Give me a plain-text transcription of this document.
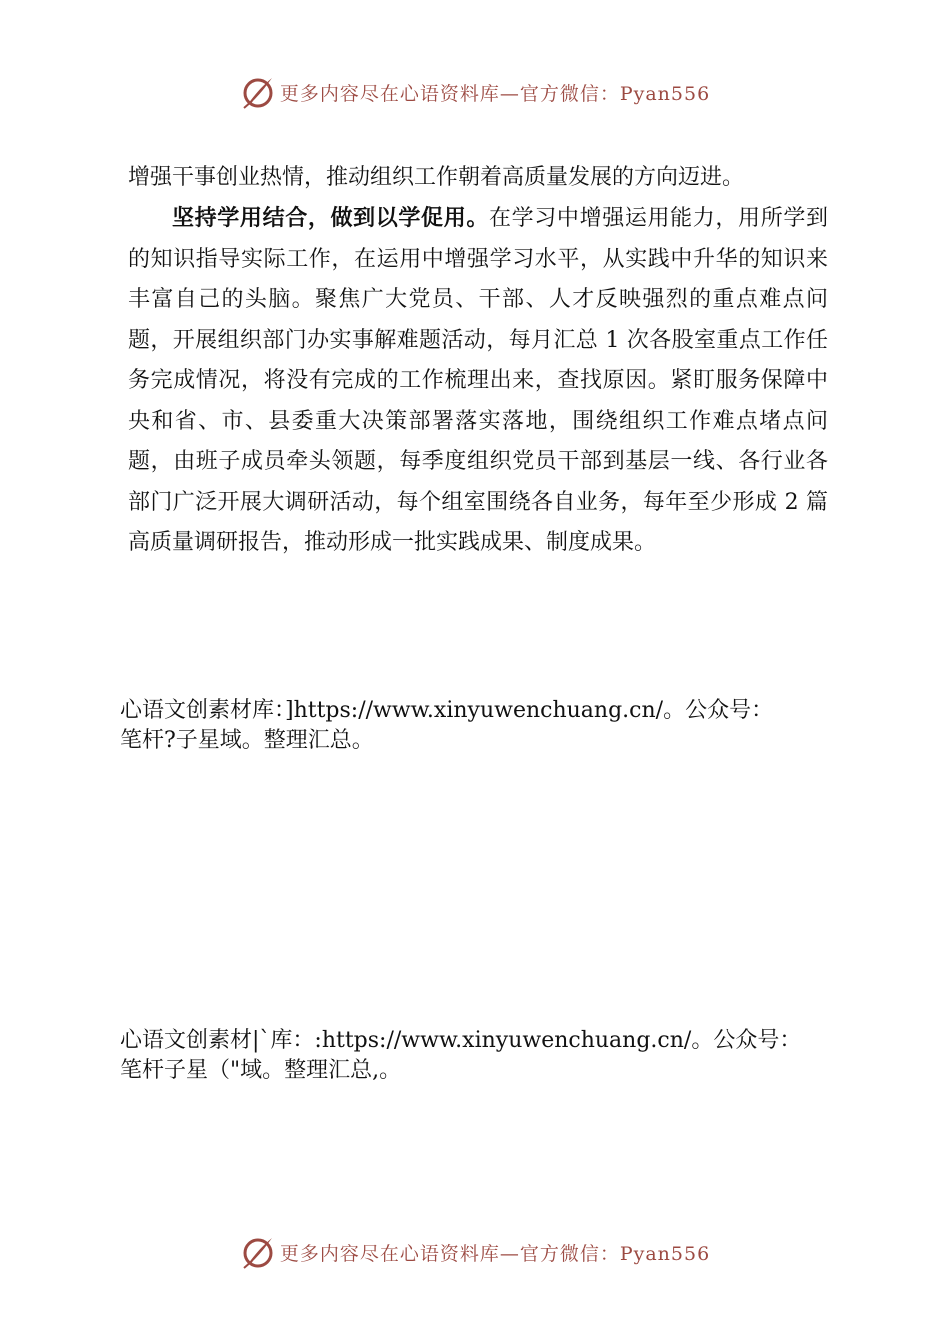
更多内容尽在心语资料库—官方微信：Pyan556
增强干事创业热情，推动组织工作朝着高质量发展的方向迈进。
坚持学用结合，做到以学促用。在学习中增强运用能力，用所学到的知识指导实际工作，在运用中增强学习水平，从实践中升华的知识来丰富自己的头脑。聚焦广大党员、干部、人才反映强烈的重点难点问题，开展组织部门办实事解难题活动，每月汇总 1 次各股室重点工作任务完成情况，将没有完成的工作梳理出来，查找原因。紧盯服务保障中央和省、市、县委重大决策部署落实落地，围绕组织工作难点堵点问题，由班子成员牵头领题，每季度组织党员干部到基层一线、各行业各部门广泛开展大调研活动，每个组室围绕各自业务，每年至少形成 2 篇高质量调研报告，推动形成一批实践成果、制度成果。
心语文创素材库：]https://www.xinyuwenchuang.cn/。公众号：
笔杆?子星域。整理汇总。
心语文创素材|`库：:https://www.xinyuwenchuang.cn/。公众号：
笔杆子星（"域。整理汇总,。
更多内容尽在心语资料库—官方微信：Pyan556
